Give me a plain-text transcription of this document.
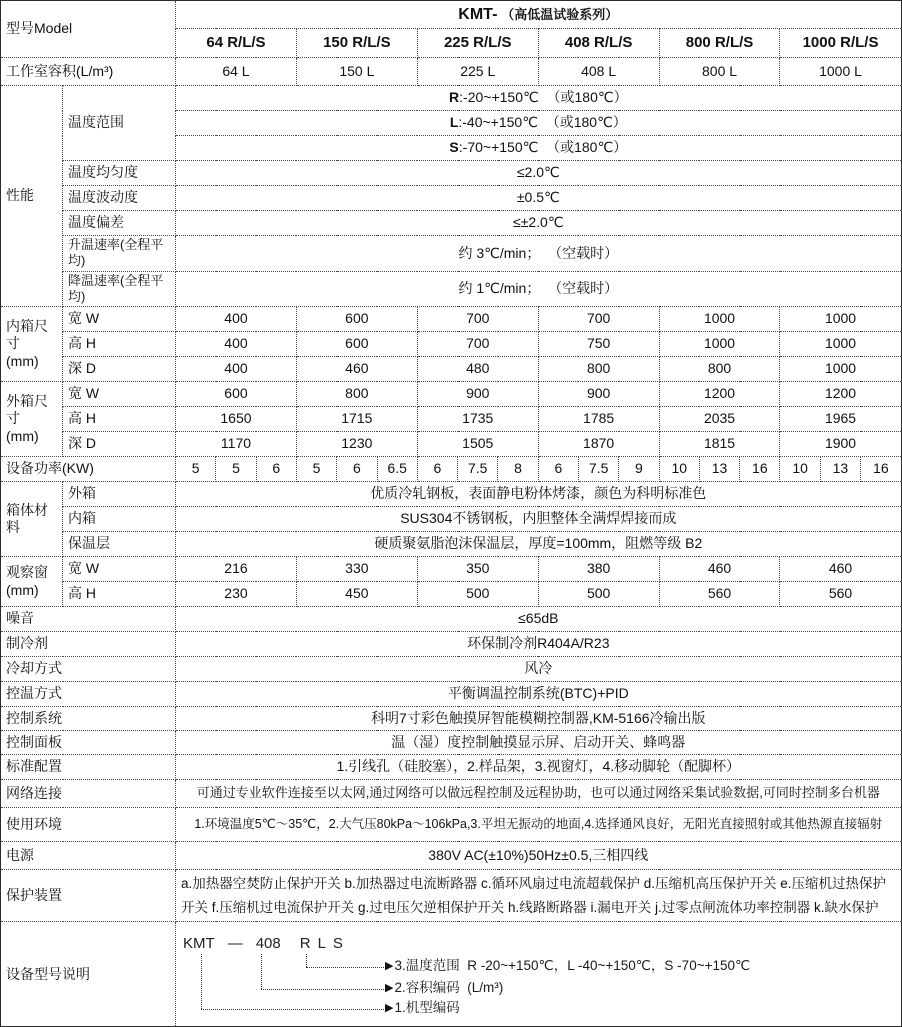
型号Model		KMT- （高低温试验系列）																	
		64 R/L/S			150 R/L/S			225 R/L/S			408 R/L/S			800 R/L/S			1000 R/L/S		
工作室容积(L/m³)		64 L			150 L			225 L			408 L			800 L			1000 L		
性能	温度范围	R:-20~+150℃  （或180℃）																	
		L:-40~+150℃  （或180℃）																	
		S:-70~+150℃  （或180℃）																	
	温度均匀度	≤2.0℃																	
	温度波动度	±0.5℃																	
	温度偏差	≤±2.0℃																	
	升温速率(全程平均)	约 3℃/min；  （空载时）																	
	降温速率(全程平均)	约 1℃/min；  （空载时）																	

内箱尺寸
(mm)	宽 W	400			600			700			700			1000			1000		
	高 H	400			600			700			750			1000			1000		
	深 D	400			460			480			800			800			1000		

外箱尺寸
(mm)	宽 W	600			800			900			900			1200			1200		
	高 H	1650			1715			1735			1785			2035			1965		
	深 D	1170			1230			1505			1870			1815			1900		
设备功率(KW)		5	5	6	5	6	6.5	6	7.5	8	6	7.5	9	10	13	16	10	13	16
箱体材料	外箱	优质冷轧钢板，表面静电粉体烤漆，颜色为科明标准色																	
	内箱	SUS304不锈钢板，内胆整体全满焊焊接而成																	
	保温层	硬质聚氨脂泡沫保温层，厚度=100mm，阻燃等级 B2																	

观察窗
(mm)	宽 W	216			330			350			380			460			460		
	高 H	230			450			500			500			560			560		
噪音		≤65dB																	
制冷剂		环保制冷剂R404A/R23																	
冷却方式		风冷																	
控温方式		平衡调温控制系统(BTC)+PID																	
控制系统		科明7寸彩色触摸屏智能模糊控制器,KM-5166冷输出版																	
控制面板		温（湿）度控制触摸显示屏、启动开关、蜂鸣器																	
标准配置		1.引线孔（硅胶塞），2.样品架，3.视窗灯，4.移动脚轮（配脚杯）																	
网络连接		可通过专业软件连接至以太网,通过网络可以做远程控制及远程协助，也可以通过网络采集试验数据,可同时控制多台机器																	
使用环境		1.环境温度5℃～35℃，2.大气压80kPa～106kPa,3.平坦无振动的地面,4.选择通风良好，无阳光直接照射或其他热源直接辐射																	
电源		380V AC(±10%)50Hz±0.5,三相四线																	
保护装置		a.加热器空焚防止保护开关 b.加热器过电流断路器 c.循环风扇过电流超载保护 d.压缩机高压保护开关 e.压缩机过热保护开关 f.压缩机过电流保护开关 g.过电压欠逆相保护开关 h.线路断路器 i.漏电开关 j.过零点闸流体功率控制器 k.缺水保护																	
设备型号说明	
KMT — 408 R L S
▶ 3.温度范围  R -20~+150℃，L -40~+150℃，S -70~+150℃
▶ 2.容积编码  (L/m³)
▶ 1.机型编码
